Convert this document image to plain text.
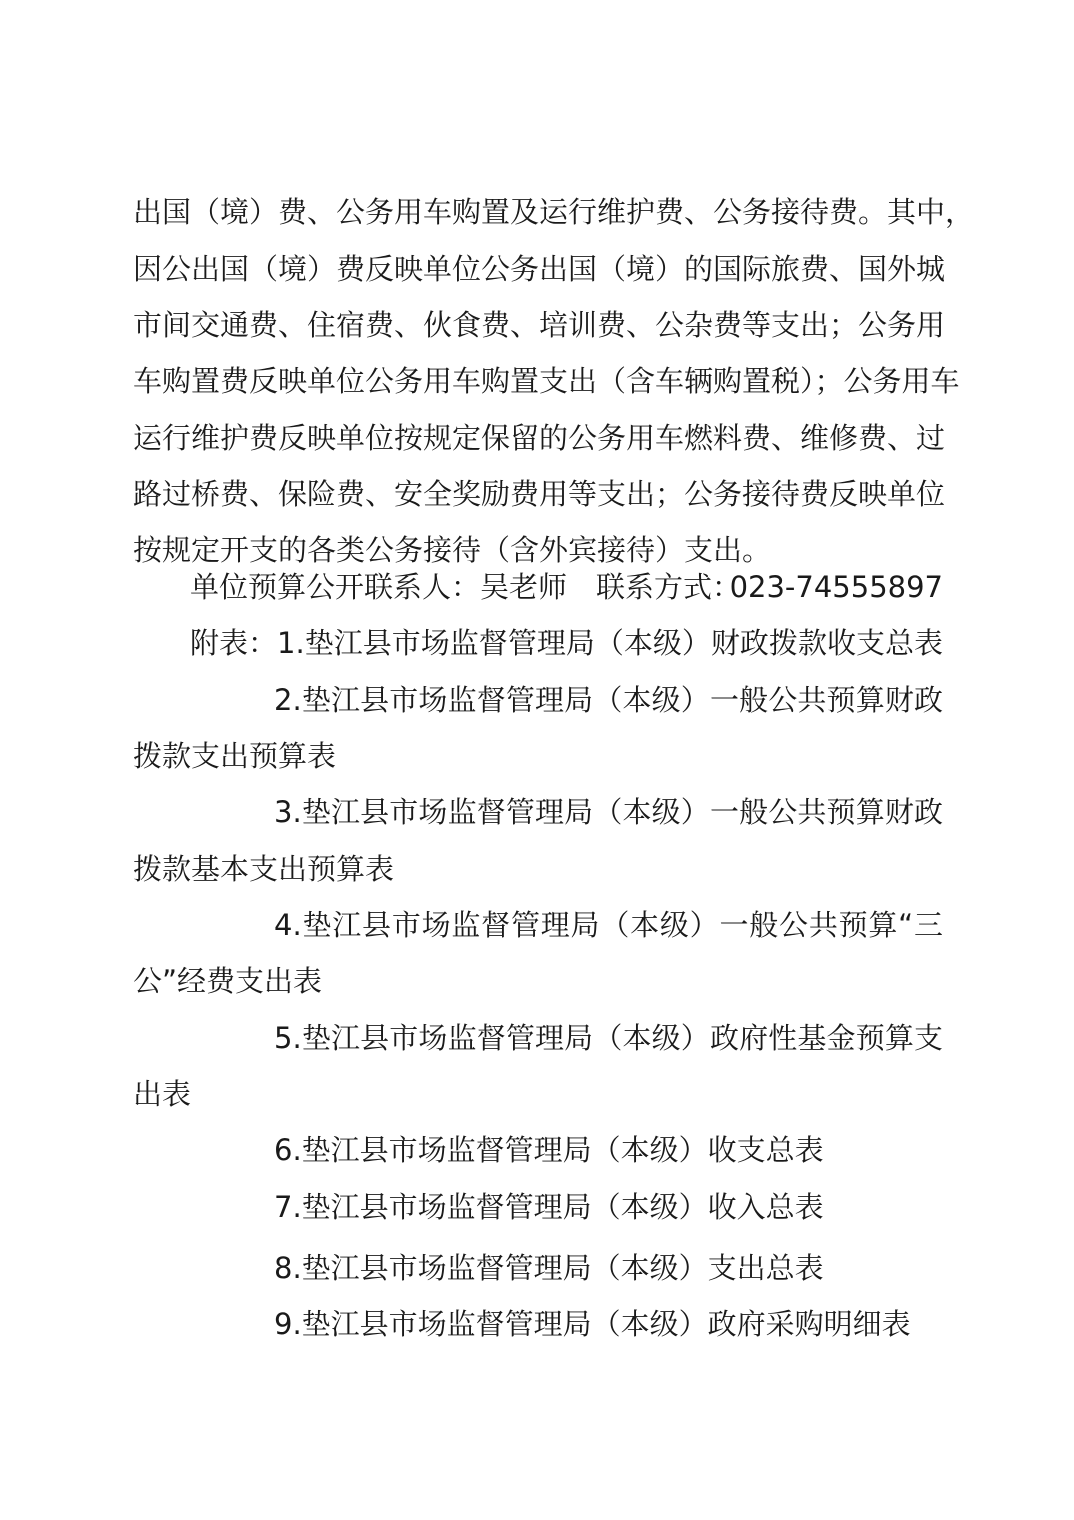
出国（境）费、公务用车购置及运行维护费、公务接待费。其中，
因公出国（境）费反映单位公务出国（境）的国际旅费、国外城
市间交通费、住宿费、伙食费、培训费、公杂费等支出；公务用
车购置费反映单位公务用车购置支出（含车辆购置税）；公务用车
运行维护费反映单位按规定保留的公务用车燃料费、维修费、过
路过桥费、保险费、安全奖励费用等支出；公务接待费反映单位
按规定开支的各类公务接待（含外宾接待）支出。
单位预算公开联系人：吴老师　联系方式：
023-74555897
附表：1.垫江县市场监督管理局（本级）财政拨款收支总表
2.垫江县市场监督管理局（本级）一般公共预算财政
拨款支出预算表
3.垫江县市场监督管理局（本级）一般公共预算财政
拨款基本支出预算表
4.垫江县市场监督管理局（本级）一般公共预算“三
公”经费支出表
5.垫江县市场监督管理局（本级）政府性基金预算支
出表
6.垫江县市场监督管理局（本级）收支总表
7.垫江县市场监督管理局（本级）收入总表
8.垫江县市场监督管理局（本级）支出总表
9.垫江县市场监督管理局（本级）政府采购明细表
